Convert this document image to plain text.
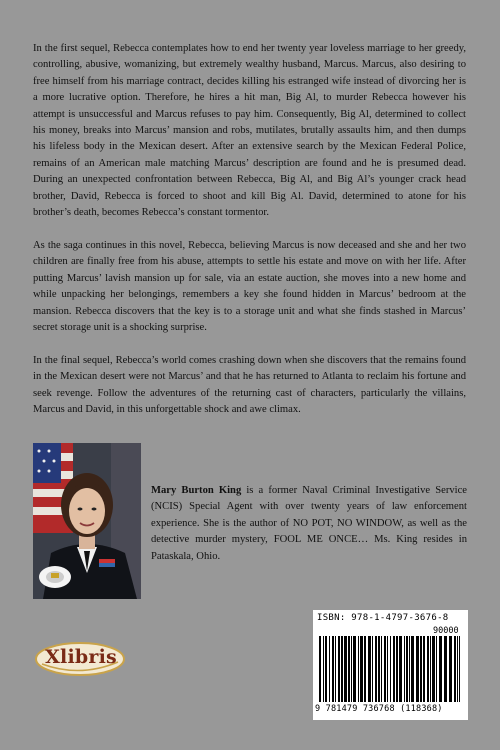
In the first sequel, Rebecca contemplates how to end her twenty year loveless marriage to her greedy, controlling, abusive, womanizing, but extremely wealthy husband, Marcus. Marcus, also desiring to free himself from his marriage contract, decides killing his estranged wife instead of divorcing her is a more lucrative option. Therefore, he hires a hit man, Big Al, to murder Rebecca however his attempt is unsuccessful and Marcus refuses to pay him. Consequently, Big Al, determined to collect his money, breaks into Marcus’ mansion and robs, mutilates, brutally assaults him, and then dumps his lifeless body in the Mexican desert. After an extensive search by the Mexican Federal Police, remains of an American male matching Marcus’ description are found and he is presumed dead. During an unexpected confrontation between Rebecca, Big Al, and Big Al’s younger crack head brother, David, Rebecca is forced to shoot and kill Big Al. David, determined to atone for his brother’s death, becomes Rebecca’s constant tormentor.

As the saga continues in this novel, Rebecca, believing Marcus is now deceased and she and her two children are finally free from his abuse, attempts to settle his estate and move on with her life. After putting Marcus’ lavish mansion up for sale, via an estate auction, she moves into a new home and while unpacking her belongings, remembers a key she found hidden in Marcus’ bedroom at the mansion. Rebecca discovers that the key is to a storage unit and what she finds stashed in Marcus’ secret storage unit is a shocking surprise.

In the final sequel, Rebecca’s world comes crashing down when she discovers that the remains found in the Mexican desert were not Marcus’ and that he has returned to Atlanta to reclaim his fortune and seek revenge. Follow the adventures of the returning cast of characters, particularly the villains, Marcus and David, in this unforgettable shock and awe climax.

Mary Burton King is a former Naval Criminal Investigative Service (NCIS) Special Agent with over twenty years of law enforcement experience. She is the author of NO POT, NO WINDOW, as well as the detective murder mystery, FOOL ME ONCE… Ms. King resides in Pataskala, Ohio.

Xlibris
ISBN: 978-1-4797-3676-8
90000
9 781479 736768 (118368)
